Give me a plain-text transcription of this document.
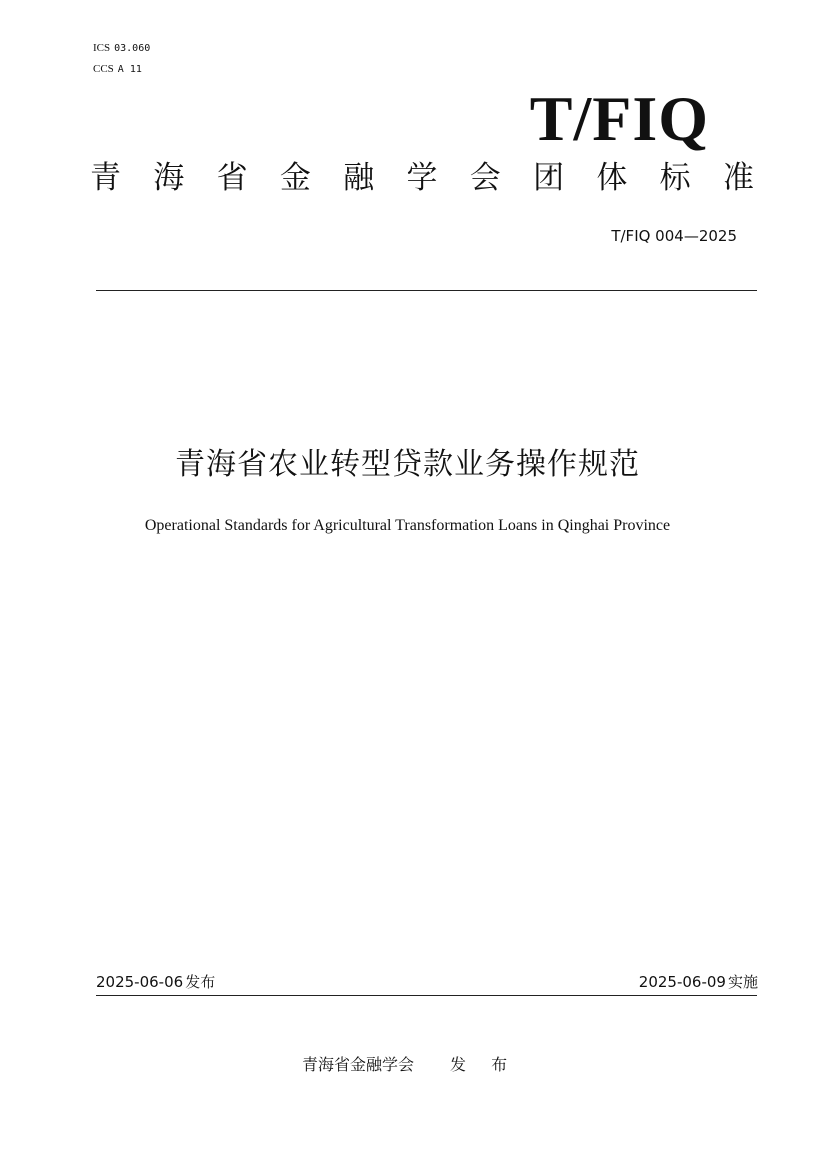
ICS 03.060
CCS A 11
T/FIQ
青 海 省 金 融 学 会 团 体 标 准
T/FIQ 004—2025
青海省农业转型贷款业务操作规范
Operational Standards for Agricultural Transformation Loans in Qinghai Province
2025-06-06 发布	2025-06-09 实施
青海省金融学会 发 布
